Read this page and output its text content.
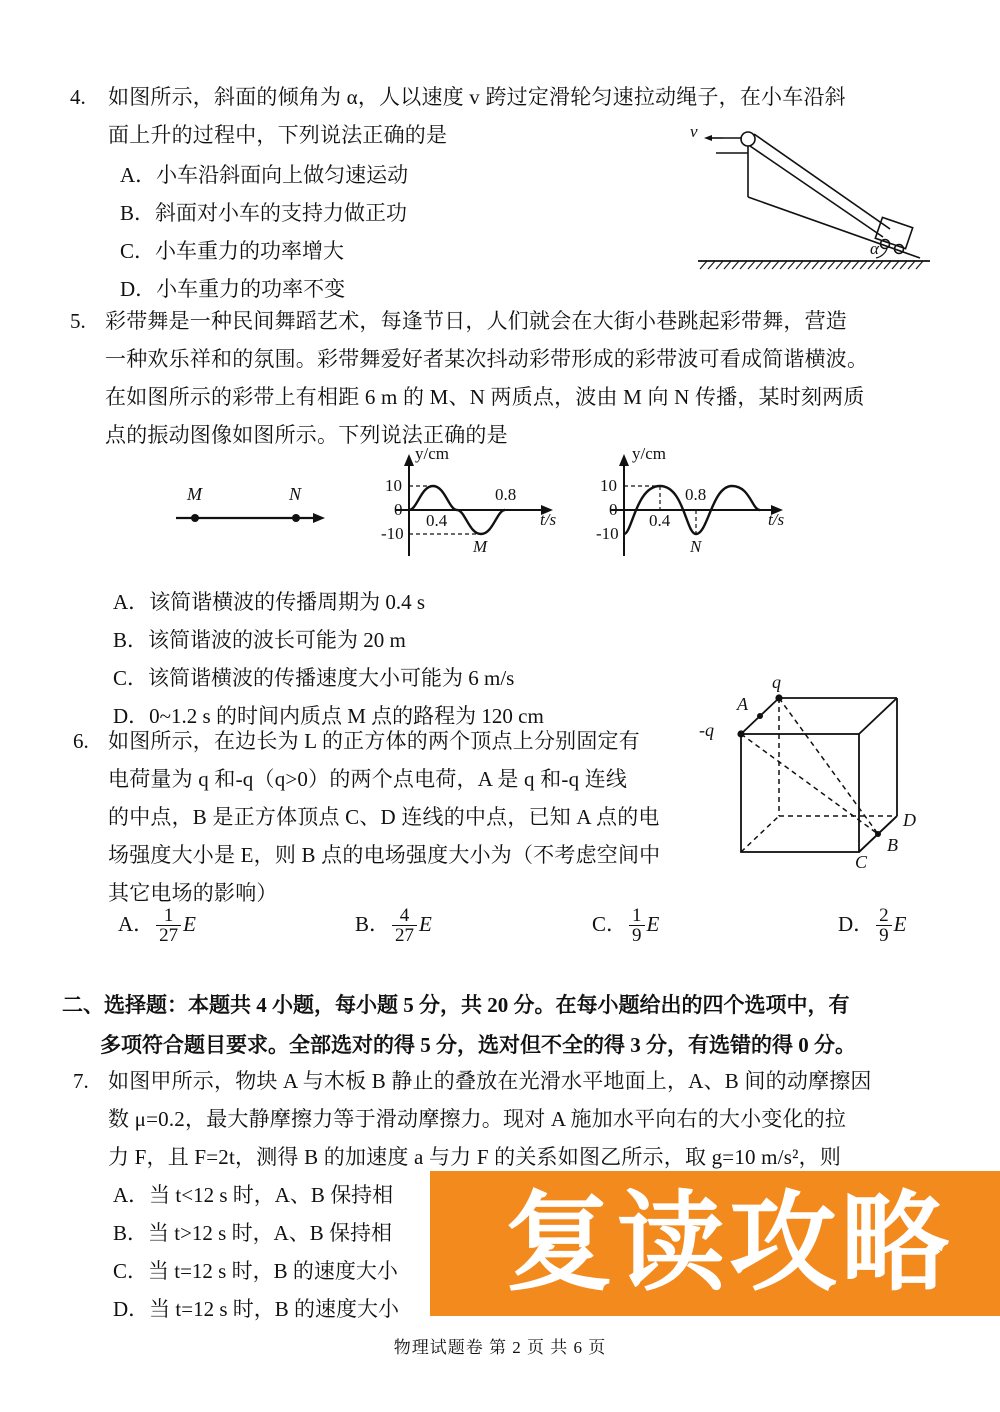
4. 如图所示，斜面的倾角为 α，人以速度 v 跨过定滑轮匀速拉动绳子，在小车沿斜
面上升的过程中，下列说法正确的是
A．小车沿斜面向上做匀速运动
B．斜面对小车的支持力做正功
C．小车重力的功率增大
D．小车重力的功率不变
v
α
5. 彩带舞是一种民间舞蹈艺术，每逢节日，人们就会在大街小巷跳起彩带舞，营造
一种欢乐祥和的氛围。彩带舞爱好者某次抖动彩带形成的彩带波可看成简谐横波。
在如图所示的彩带上有相距 6 m 的 M、N 两质点，波由 M 向 N 传播，某时刻两质
点的振动图像如图所示。下列说法正确的是
M	N
y/cm
t/s
10
0
-10
0.4
0.8
M
y/cm
t/s
10
0
-10
0.4
0.8
N
A．该简谐横波的传播周期为 0.4 s
B．该简谐波的波长可能为 20 m
C．该简谐横波的传播速度大小可能为 6 m/s
D．0~1.2 s 的时间内质点 M 点的路程为 120 cm
6. 如图所示，在边长为 L 的正方体的两个顶点上分别固定有
电荷量为 q 和-q（q>0）的两个点电荷，A 是 q 和-q 连线
的中点，B 是正方体顶点 C、D 连线的中点，已知 A 点的电
场强度大小是 E，则 B 点的电场强度大小为（不考虑空间中
其它电场的影响）
q
-q
A
B
C
D
A． $\frac{1}{27}$ E	B． $\frac{4}{27}$ E	C． $\frac{1}{9}$ E	D． $\frac{2}{9}$ E
二、选择题：本题共 4 小题，每小题 5 分，共 20 分。在每小题给出的四个选项中，有
多项符合题目要求。全部选对的得 5 分，选对但不全的得 3 分，有选错的得 0 分。
7. 如图甲所示，物块 A 与木板 B 静止的叠放在光滑水平地面上，A、B 间的动摩擦因
数 μ=0.2，最大静摩擦力等于滑动摩擦力。现对 A 施加水平向右的大小变化的拉
力 F，且 F=2t，测得 B 的加速度 a 与力 F 的关系如图乙所示，取 g=10 m/s²，则
A．当 t<12 s 时，A、B 保持相
B．当 t>12 s 时，A、B 保持相
C．当 t=12 s 时，B 的速度大小
D．当 t=12 s 时，B 的速度大小
复读攻略
物理试题卷 第 2 页 共 6 页
